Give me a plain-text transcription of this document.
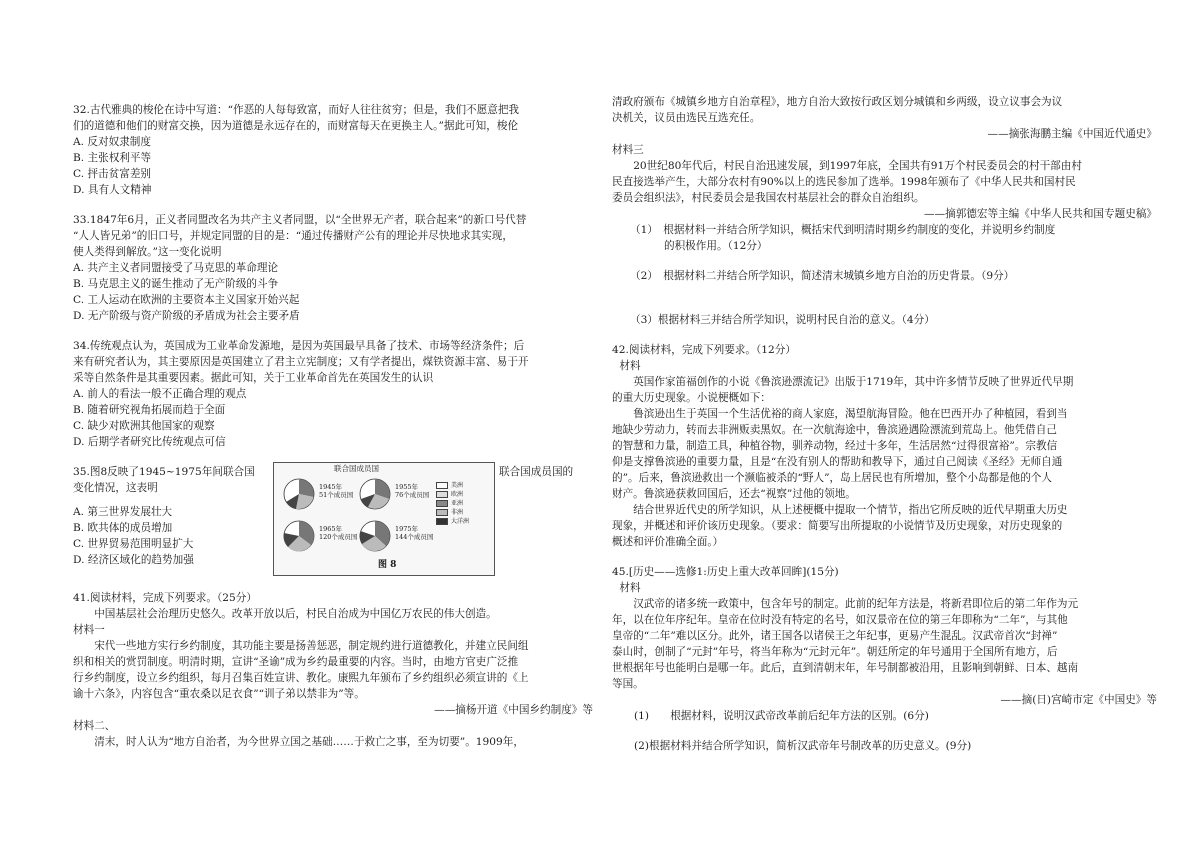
32.古代雅典的梭伦在诗中写道：“作恶的人每每致富，而好人往往贫穷；但是，我们不愿意把我

们的道德和他们的财富交换，因为道德是永远存在的，而财富每天在更换主人。”据此可知，梭伦

A. 反对奴隶制度

B. 主张权利平等

C. 抨击贫富差别

D. 具有人文精神

33.1847年6月，正义者同盟改名为共产主义者同盟，以“全世界无产者，联合起来”的新口号代替

“人人皆兄弟”的旧口号，并规定同盟的目的是：“通过传播财产公有的理论并尽快地求其实现，

使人类得到解放。”这一变化说明

A. 共产主义者同盟接受了马克思的革命理论

B. 马克思主义的诞生推动了无产阶级的斗争

C. 工人运动在欧洲的主要资本主义国家开始兴起

D. 无产阶级与资产阶级的矛盾成为社会主要矛盾

34.传统观点认为，英国成为工业革命发源地，是因为英国最早具备了技术、市场等经济条件；后

来有研究者认为，其主要原因是英国建立了君主立宪制度；又有学者提出，煤铁资源丰富、易于开

采等自然条件是其重要因素。据此可知，关于工业革命首先在英国发生的认识

A. 前人的看法一般不正确合理的观点

B. 随着研究视角拓展而趋于全面

C. 缺少对欧洲其他国家的观察

D. 后期学者研究比传统观点可信

35.图8反映了1945~1975年间联合国

变化情况，这表明

A. 第三世界发展壮大

B. 欧共体的成员增加

C. 世界贸易范围明显扩大

D. 经济区域化的趋势加强

联合国成员国的

联合国成员国
1945年
51个成员国
1955年
76个成员国
1965年
120个成员国
1975年
144个成员国
美洲
欧洲
亚洲
非洲
大洋洲
图 8

41.阅读材料，完成下列要求。（25分）

中国基层社会治理历史悠久。改革开放以后，村民自治成为中国亿万农民的伟大创造。

材料一

宋代一些地方实行乡约制度，其功能主要是扬善惩恶，制定规约进行道德教化，并建立民间组

织和相关的赏罚制度。明清时期，宣讲“圣谕”成为乡约最重要的内容。当时，由地方官吏广泛推

行乡约制度，设立乡约组织，每月召集百姓宣讲、教化。康熙九年颁布了乡约组织必须宣讲的《上

谕十六条》，内容包含“重农桑以足衣食”“训子弟以禁非为”等。

——摘杨开道《中国乡约制度》等

材料二、

清末，时人认为“地方自治者，为今世界立国之基础……于救亡之事，至为切要”。1909年，

清政府颁布《城镇乡地方自治章程》，地方自治大致按行政区划分城镇和乡两级，设立议事会为议

决机关，议员由选民互选充任。

——摘张海鹏主编《中国近代通史》

材料三

20世纪80年代后，村民自治迅速发展，到1997年底，全国共有91万个村民委员会的村干部由村

民直接选举产生，大部分农村有90%以上的选民参加了选举。1998年颁布了《中华人民共和国村民

委员会组织法》，村民委员会是我国农村基层社会的群众自治组织。

——摘郭德宏等主编《中华人民共和国专题史稿》

（1）　根据材料一并结合所学知识，概括宋代到明清时期乡约制度的变化，并说明乡约制度

的积极作用。（12分）

（2）　根据材料二并结合所学知识，简述清末城镇乡地方自治的历史背景。（9分）

（3）根据材料三并结合所学知识，说明村民自治的意义。（4分）

42.阅读材料，完成下列要求。（12分）

材料

英国作家笛福创作的小说《鲁滨逊漂流记》出版于1719年，其中许多情节反映了世界近代早期

的重大历史现象。小说梗概如下：

鲁滨逊出生于英国一个生活优裕的商人家庭，渴望航海冒险。他在巴西开办了种植园，看到当

地缺少劳动力，转而去非洲贩卖黑奴。在一次航海途中，鲁滨逊遇险漂流到荒岛上。他凭借自己

的智慧和力量，制造工具，种植谷物，驯养动物，经过十多年，生活居然“过得很富裕”。宗教信

仰是支撑鲁滨逊的重要力量，且是“在没有别人的帮助和教导下，通过自己阅读《圣经》无师自通

的”。后来，鲁滨逊救出一个濒临被杀的“野人”，岛上居民也有所增加，整个小岛都是他的个人

财产。鲁滨逊获救回国后，还去“视察”过他的领地。

结合世界近代史的所学知识，从上述梗概中提取一个情节，指出它所反映的近代早期重大历史

现象，并概述和评价该历史现象。（要求：简要写出所提取的小说情节及历史现象，对历史现象的

概述和评价准确全面。）

45.[历史——选修1:历史上重大改革回眸](15分)

材料

汉武帝的诸多统一政策中，包含年号的制定。此前的纪年方法是，将新君即位后的第二年作为元

年，以在位年序纪年。皇帝在位时没有特定的名号，如汉景帝在位的第三年即称为“二年”，与其他

皇帝的“二年”难以区分。此外，诸王国各以诸侯王之年纪事，更易产生混乱。汉武帝首次“封禅”

泰山时，创制了“元封”年号，将当年称为“元封元年”。朝廷所定的年号通用于全国所有地方，后

世根据年号也能明白是哪一年。此后，直到清朝末年，年号制都被沿用，且影响到朝鲜、日本、越南

等国。

——摘(日)宫崎市定《中国史》等

(1)　　根据材料，说明汉武帝改革前后纪年方法的区别。(6分)

(2)根据材料并结合所学知识，简析汉武帝年号制改革的历史意义。(9分)
